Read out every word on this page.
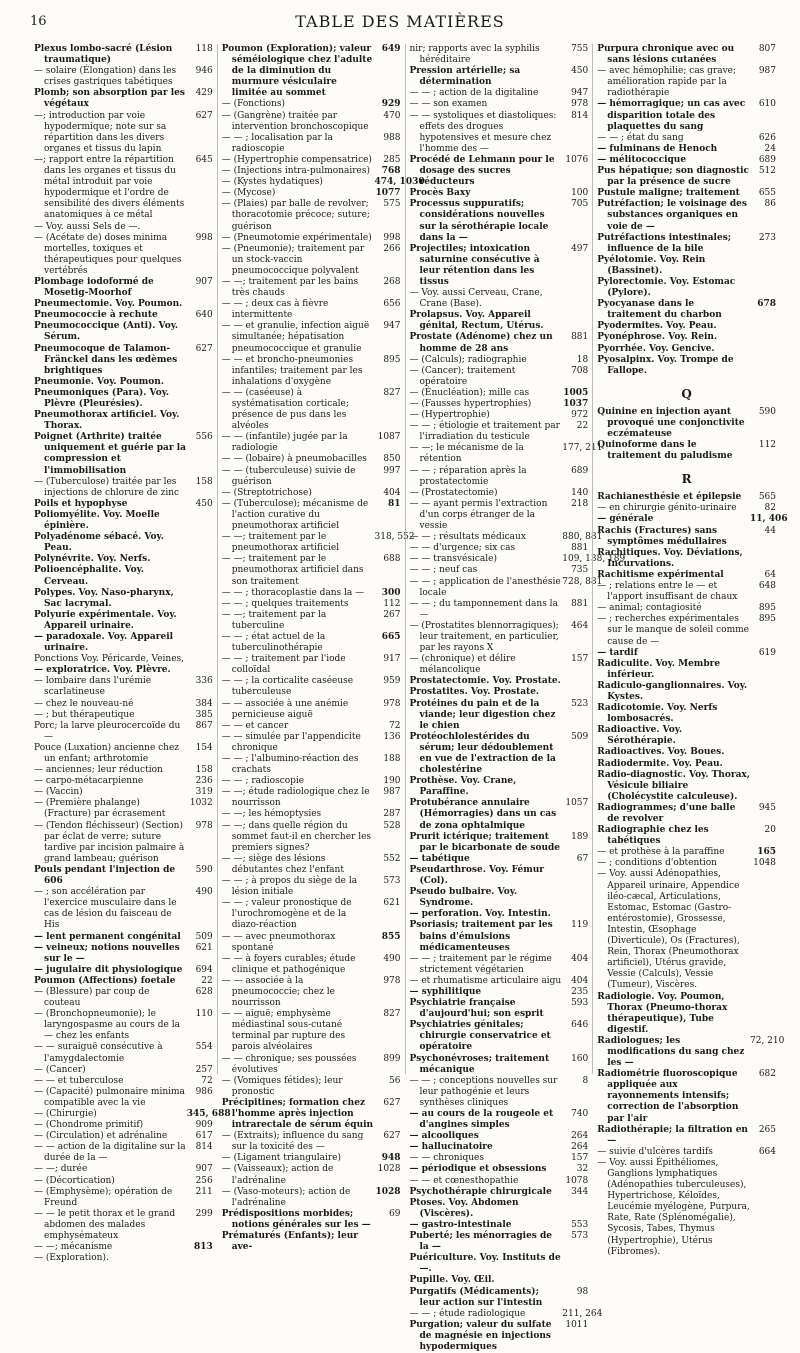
16	TABLE DES MATIÈRES
Plexus lombo-sacré (Lésion traumatique)
118
— solaire (Élongation) dans les crises gastriques tabétiques
946
Plomb; son absorption par les végétaux
429
—; introduction par voie hypodermique; note sur sa répartition dans les divers organes et tissus du lapin
627
—; rapport entre la répartition dans les organes et tissus du métal introduit par voie hypodermique et l'ordre de sensibilité des divers éléments anatomiques à ce métal
645
— Voy. aussi Sels de —.
— (Acétate de) doses minima mortelles, toxiques et thérapeutiques pour quelques vertébrés
998
Plombage iodoformé de Mosetig-Moorhof
907
Pneumectomie. Voy. Poumon.
Pneumococcie à rechute	640
Pneumococcique (Anti). Voy. Sérum.
Pneumocoque de Talamon-Fränckel dans les œdèmes brightiques
627
Pneumonie. Voy. Poumon.
Pneumoniques (Para). Voy. Plèvre (Pleurésies).
Pneumothorax artificiel. Voy. Thorax.
Poignet (Arthrite) traitée uniquement et guérie par la compression et l'immobilisation
556
— (Tuberculose) traitée par les injections de chlorure de zinc
158
Poils et hypophyse	450
Poliomyélite. Voy. Moelle épinière.
Polyadénome sébacé. Voy. Peau.
Polynévrite. Voy. Nerfs.
Polioencéphalite. Voy. Cerveau.
Polypes. Voy. Naso-pharynx, Sac lacrymal.
Polyurie expérimentale. Voy. Appareil urinaire.
— paradoxale. Voy. Appareil urinaire.
Ponctions Voy. Péricarde, Veines,
— exploratrice. Voy. Plèvre.
— lombaire dans l'urémie scarlatineuse
336
— chez le nouveau-né	384
— ; but thérapeutique	385
Porc; la larve pleurocercoïde du —
867
Pouce (Luxation) ancienne chez un enfant; arthrotomie
154
— anciennes; leur réduction	158
— carpo-métacarpienne	236
— (Vaccin)	319
— (Première phalange) (Fracture) par écrasement
1032
— (Tendon fléchisseur) (Section) par éclat de verre; suture tardive par incision palmaire à grand lambeau; guérison
978
Pouls pendant l'injection de 606
590
— ; son accélération par l'exercice musculaire dans le cas de lésion du faisceau de His
490
— lent permanent congénital	509
— veineux; notions nouvelles sur le —
621
— jugulaire dit physiologique	694
Poumon (Affections) foetale	22
— (Blessure) par coup de couteau
628
— (Bronchopneumonie); le laryngospasme au cours de la — chez les enfants
110
— — suraiguë consécutive à l'amygdalectomie
554
— (Cancer)	257
— — et tuberculose	72
— (Capacité) pulmonaire minima compatible avec la vie
986
— (Chirurgie)	345, 688
— (Chondrome primitif)	909
— (Circulation) et adrénaline	617
— — action de la digitaline sur la durée de la —
814
— —; durée	907
— (Décortication)	256
— (Emphysème); opération de Freund
211
— — le petit thorax et le grand abdomen des malades emphysémateux
299
— —; mécanisme	813
— (Exploration).
Poumon (Exploration); valeur séméiologique chez l'adulte de la diminution du murmure vésiculaire limitée au sommet
649
— (Fonctions)	929
— (Gangrène) traitée par intervention bronchoscopique
470
— — ; localisation par la radioscopie
988
— (Hypertrophie compensatrice)	285
— (Injections intra-pulmonaires)	768
— (Kystes hydatiques)	474, 1030
— (Mycose)	1077
— (Plaies) par balle de revolver; thoracotomie précoce; suture; guérison
575
— (Pneumotomie expérimentale)	998
— (Pneumonie); traitement par un stock-vaccin pneumococcique polyvalent
266
— —; traitement par les bains très chauds
268
— — ; deux cas à fièvre intermittente
656
— — et granulie, infection aiguë simultanée; hépatisation pneumococcique et granulie
947
— — et broncho-pneumonies infantiles; traitement par les inhalations d'oxygène
895
— — (caséeuse) à systématisation corticale; présence de pus dans les alvéoles
827
— — (infantile) jugée par la radiologie
1087
— — (lobaire) à pneumobacilles	850
— — (tuberculeuse) suivie de guérison
997
— (Streptotrichose)	404
— (Tuberculose); mécanisme de l'action curative du pneumothorax artificiel
81
— —; traitement par le pneumothorax artificiel
318, 552
— —; traitement par le pneumothorax artificiel dans son traitement
688
— — ; thoracoplastie dans la —	300
— — ; quelques traitements	112
— —; traitement par la tuberculine
267
— — ; état actuel de la tuberculinothérapie
665
— — ; traitement par l'iode colloïdal
917
— — ; la corticalite caséeuse tuberculeuse
959
— — associée à une anémie pernicieuse aiguë
978
— — et cancer	72
— — simulée par l'appendicite chronique
136
— — ; l'albumino-réaction des crachats
188
— — ; radioscopie	190
— —; étude radiologique chez le nourrisson
987
— —; les hémoptysies	287
— —; dans quelle région du sommet faut-il en chercher les premiers signes?
528
— —; siège des lésions débutantes chez l'enfant
552
— — ; à propos du siège de la lésion initiale
573
— — ; valeur pronostique de l'urochromogène et de la diazo-réaction
621
— — avec pneumothorax spontané
855
— — à foyers curables; étude clinique et pathogénique
490
— — associée à la pneumococcie; chez le nourrisson
978
— — aiguë; emphysème médiastinal sous-cutané terminal par rupture des parois alvéolaires
827
— — chronique; ses poussées évolutives
899
— (Vomiques fétides); leur pronostic
56
Précipitines; formation chez l'homme après injection intrarectale de sérum équin
627
— (Extraits); influence du sang sur la toxicité des —
627
— (Ligament triangulaire)	948
— (Vaisseaux); action de l'adrénaline
1028
— (Vaso-moteurs); action de l'adrénaline
1028
Prédispositions morbides; notions générales sur les —
69
Prématurés (Enfants); leur ave-
nir; rapports avec la syphilis héréditaire
755
Pression artérielle; sa détermination
450
— — ; action de la digitaline	947
— — son examen	978
— — systoliques et diastoliques: effets des drogues hypotensives et mesure chez l'homme des —
814
Procédé de Lehmann pour le dosage des sucres réducteurs
1076
Procès Baxy	100
Processus suppuratifs; considérations nouvelles sur la sérothérapie locale dans la —
705
Projectiles; intoxication saturnine consécutive à leur rétention dans les tissus
497
— Voy. aussi Cerveau, Crane, Crane (Base).
Prolapsus. Voy. Appareil génital, Rectum, Utérus.
Prostate (Adénome) chez un homme de 28 ans
881
— (Calculs); radiographie	18
— (Cancer); traitement opératoire
708
— (Énucléation); mille cas	1005
— (Fausses hypertrophies)	1037
— (Hypertrophie)	972
— — ; étiologie et traitement par l'irradiation du testicule
22
— —; le mécanisme de la rétention
177, 211
— — ; réparation après la prostatectomie
689
— (Prostatectomie)	140
— — ayant permis l'extraction d'un corps étranger de la vessie
218
— — ; résultats médicaux	880, 881
— — d'urgence; six cas	881
— — transvésicale)	109, 138, 189
— — ; neuf cas	735
— — ; application de l'anesthésie locale
728, 881
— — ; du tamponnement dans la —
881
— (Prostatites blennorragiques); leur traitement, en particulier, par les rayons X
464
— (chronique) et délire mélancolique
157
Prostatectomie. Voy. Prostate.
Prostatites. Voy. Prostate.
Protéines du pain et de la viande; leur digestion chez le chien
523
Protéochlolestérides du sérum; leur dédoublement en vue de l'extraction de la cholestérine
509
Prothèse. Voy. Crane, Paraffine.
Protubérance annulaire (Hémorragies) dans un cas de zona ophtalmique
1057
Prurit ictérique; traitement par le bicarbonate de soude
189
— tabétique	67
Pseudarthrose. Voy. Fémur (Col).
Pseudo bulbaire. Voy. Syndrome.
— perforation. Voy. Intestin.
Psoriasis; traitement par les bains d'émulsions médicamenteuses
119
— — ; traitement par le régime strictement végétarien
404
— et rhumatisme articulaire aigu	404
— syphilitique	235
Psychiatrie française d'aujourd'hui; son esprit
593
Psychiatries génitales; chirurgie conservatrice et opératoire
646
Psychonévroses; traitement mécanique
160
— — ; conceptions nouvelles sur leur pathogénie et leurs synthèses cliniques
8
— au cours de la rougeole et d'angines simples
740
— alcooliques	264
— hallucinatoire	264
— — chroniques	157
— périodique et obsessions	32
— — et cœnesthopathie	1078
Psychothérapie chirurgicale	344
Ptoses. Voy. Abdomen (Viscères).
— gastro-intestinale	553
Puberté; les ménorragies de la —
573
Puériculture. Voy. Instituts de —.
Pupille. Voy. Œil.
Purgatifs (Médicaments); leur action sur l'intestin
98
— — ; étude radiologique	211, 264
Purgation; valeur du sulfate de magnésie en injections hypodermiques
1011
Purpura chronique avec ou sans lésions cutanées
807
— avec hémophilie; cas grave; amélioration rapide par la radiothérapie
987
— hémorragique; un cas avec disparition totale des plaquettes du sang
610
— — ; état du sang	626
— fulminans de Henoch	24
— mélitococcique	689
Pus hépatique; son diagnostic par la présence de sucre
512
Pustule maligne; traitement	655
Putréfaction; le voisinage des substances organiques en voie de —
86
Putréfactions intestinales; influence de la bile
273
Pyélotomie. Voy. Rein (Bassinet).
Pylorectomie. Voy. Estomac (Pylore).
Pyocyanase dans le traitement du charbon
678
Pyodermites. Voy. Peau.
Pyonéphrose. Voy. Rein.
Pyorrhée. Voy. Gencive.
Pyosalpinx. Voy. Trompe de Fallope.
Q
Quinine en injection ayant provoqué une conjonctivite eczémateuse
590
Quinoforme dans le traitement du paludisme
112
R
Rachianesthésie et épilepsie	565
— en chirurgie génito-urinaire	82
— générale	11, 406
Rachis (Fractures) sans symptômes médullaires
44
Rachitiques. Voy. Déviations, Incurvations.
Rachitisme expérimental	64
— ; relations entre le — et l'apport insuffisant de chaux
648
— animal; contagiosité	895
— ; recherches expérimentales sur le manque de soleil comme cause de —
895
— tardif	619
Radiculite. Voy. Membre inférieur.
Radiculo-ganglionnaires. Voy. Kystes.
Radicotomie. Voy. Nerfs lombosacrés.
Radioactive. Voy. Sérothérapie.
Radioactives. Voy. Boues.
Radiodermite. Voy. Peau.
Radio-diagnostic. Voy. Thorax, Vésicule biliaire (Cholécystite calculeuse).
Radiogrammes; d'une balle de revolver
945
Radiographie chez les tabétiques
20
— et prothèse à la paraffine	165
— ; conditions d'obtention	1048
— Voy. aussi Adénopathies, Appareil urinaire, Appendice iléo-cæcal, Articulations, Estomac, Estomac (Gastro-entérostomie), Grossesse, Intestin, Œsophage (Diverticule), Os (Fractures), Rein, Thorax (Pneumothorax artificiel), Utérus gravide, Vessie (Calculs), Vessie (Tumeur), Viscères.
Radiologie. Voy. Poumon, Thorax (Pneumo-thorax thérapeutique), Tube digestif.
Radiologues; les modifications du sang chez les —
72, 210
Radiométrie fluoroscopique appliquée aux rayonnements intensifs; correction de l'absorption par l'air
682
Radiothérapie; la filtration en —
265
— suivie d'ulcères tardifs	664
— Voy. aussi Épithéliomes, Ganglions lymphatiques (Adénopathies tuberculeuses), Hypertrichose, Kéloïdes, Leucémie myélogène, Purpura, Rate, Rate (Splénomégalie), Sycosis, Tabes, Thymus (Hypertrophie), Utérus (Fibromes).
